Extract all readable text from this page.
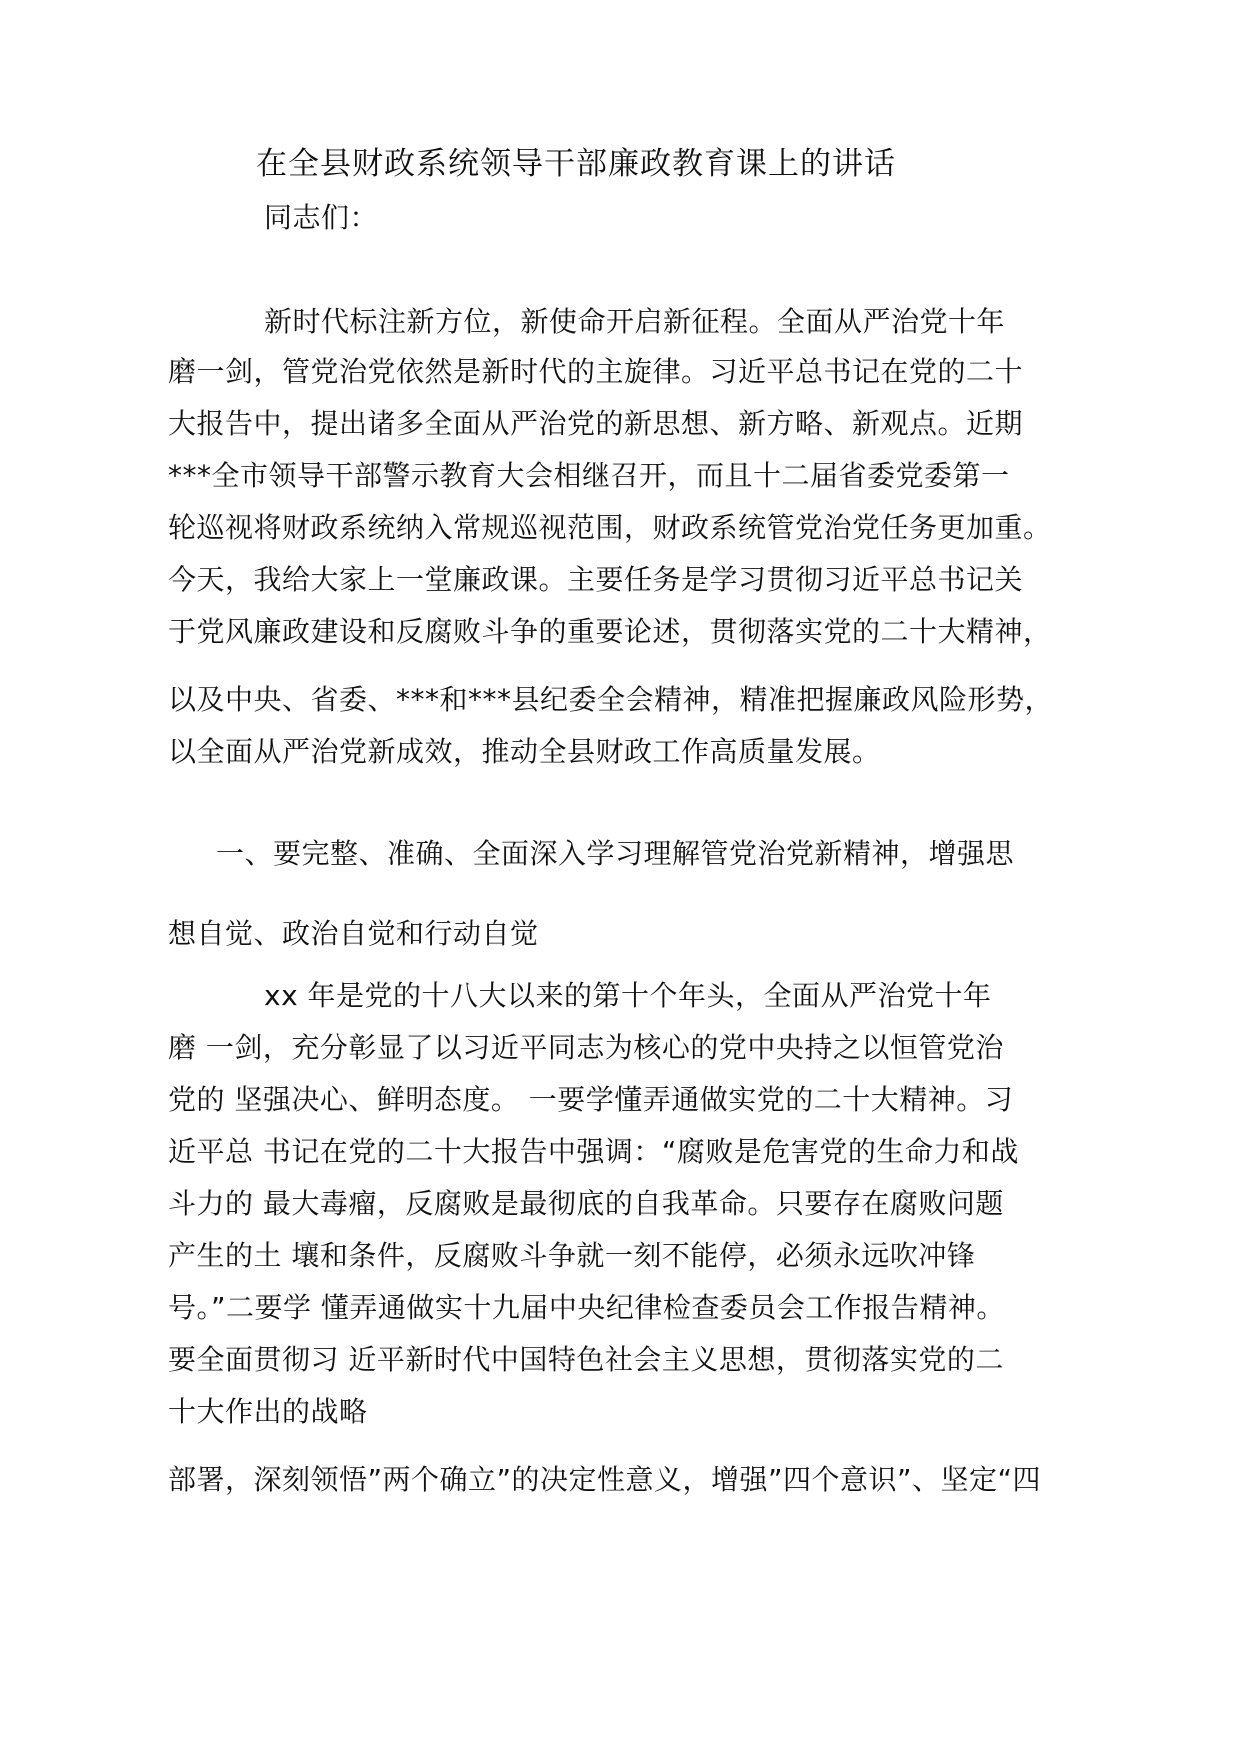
在全县财政系统领导干部廉政教育课上的讲话
同志们：
新时代标注新方位，新使命开启新征程。全面从严治党十年
磨一剑，管党治党依然是新时代的主旋律。习近平总书记在党的二十
大报告中，提出诸多全面从严治党的新思想、新方略、新观点。近期
***全市领导干部警示教育大会相继召开，而且十二届省委党委第一
轮巡视将财政系统纳入常规巡视范围，财政系统管党治党任务更加重。
今天，我给大家上一堂廉政课。主要任务是学习贯彻习近平总书记关
于党风廉政建设和反腐败斗争的重要论述，贯彻落实党的二十大精神，
以及中央、省委、***和***县纪委全会精神，精准把握廉政风险形势，
以全面从严治党新成效，推动全县财政工作高质量发展。
一、要完整、准确、全面深入学习理解管党治党新精神，增强思
想自觉、政治自觉和行动自觉
xx 年是党的十八大以来的第十个年头，全面从严治党十年
磨 一剑，充分彰显了以习近平同志为核心的党中央持之以恒管党治
党的 坚强决心、鲜明态度。 一要学懂弄通做实党的二十大精神。习
近平总 书记在党的二十大报告中强调：“腐败是危害党的生命力和战
斗力的 最大毒瘤，反腐败是最彻底的自我革命。只要存在腐败问题
产生的土 壤和条件，反腐败斗争就一刻不能停，必须永远吹冲锋
号。”二要学 懂弄通做实十九届中央纪律检查委员会工作报告精神。
要全面贯彻习 近平新时代中国特色社会主义思想，贯彻落实党的二
十大作出的战略
部署，深刻领悟”两个确立”的决定性意义，增强”四个意识”、坚定“四
